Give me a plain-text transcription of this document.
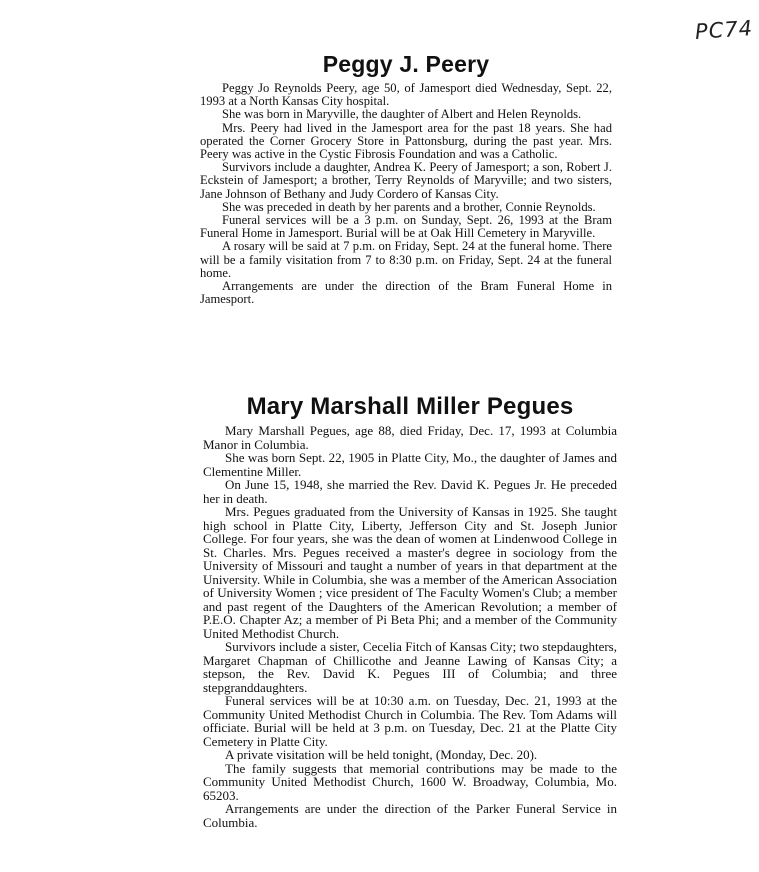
PC74
Peggy J. Peery

Peggy Jo Reynolds Peery, age 50, of Jamesport died Wednesday, Sept. 22, 1993 at a North Kansas City hospital.

She was born in Maryville, the daughter of Albert and Helen Reynolds.

Mrs. Peery had lived in the Jamesport area for the past 18 years. She had operated the Corner Grocery Store in Pattonsburg, during the past year. Mrs. Peery was active in the Cystic Fibrosis Foundation and was a Catholic.

Survivors include a daughter, Andrea K. Peery of Jamesport; a son, Robert J. Eckstein of Jamesport; a brother, Terry Reynolds of Maryville; and two sisters, Jane Johnson of Bethany and Judy Cordero of Kansas City.

She was preceded in death by her parents and a brother, Connie Reynolds.

Funeral services will be a 3 p.m. on Sunday, Sept. 26, 1993 at the Bram Funeral Home in Jamesport. Burial will be at Oak Hill Cemetery in Maryville.

A rosary will be said at 7 p.m. on Friday, Sept. 24 at the funeral home. There will be a family visitation from 7 to 8:30 p.m. on Friday, Sept. 24 at the funeral home.

Arrangements are under the direction of the Bram Funeral Home in Jamesport.

Mary Marshall Miller Pegues

Mary Marshall Pegues, age 88, died Friday, Dec. 17, 1993 at Columbia Manor in Columbia.

She was born Sept. 22, 1905 in Platte City, Mo., the daughter of James and Clementine Miller.

On June 15, 1948, she married the Rev. David K. Pegues Jr. He preceded her in death.

Mrs. Pegues graduated from the University of Kansas in 1925. She taught high school in Platte City, Liberty, Jefferson City and St. Joseph Junior College. For four years, she was the dean of women at Lindenwood College in St. Charles. Mrs. Pegues received a master's degree in sociology from the University of Missouri and taught a number of years in that department at the University. While in Columbia, she was a member of the American Association of University Women ; vice president of The Faculty Women's Club; a member and past regent of the Daughters of the American Revolution; a member of P.E.O. Chapter Az; a member of Pi Beta Phi; and a member of the Community United Methodist Church.

Survivors include a sister, Cecelia Fitch of Kansas City; two stepdaughters, Margaret Chapman of Chillicothe and Jeanne Lawing of Kansas City; a stepson, the Rev. David K. Pegues III of Columbia; and three stepgranddaughters.

Funeral services will be at 10:30 a.m. on Tuesday, Dec. 21, 1993 at the Community United Methodist Church in Columbia. The Rev. Tom Adams will officiate. Burial will be held at 3 p.m. on Tuesday, Dec. 21 at the Platte City Cemetery in Platte City.

A private visitation will be held tonight, (Monday, Dec. 20).

The family suggests that memorial contributions may be made to the Community United Methodist Church, 1600 W. Broadway, Columbia, Mo. 65203.

Arrangements are under the direction of the Parker Funeral Service in Columbia.
